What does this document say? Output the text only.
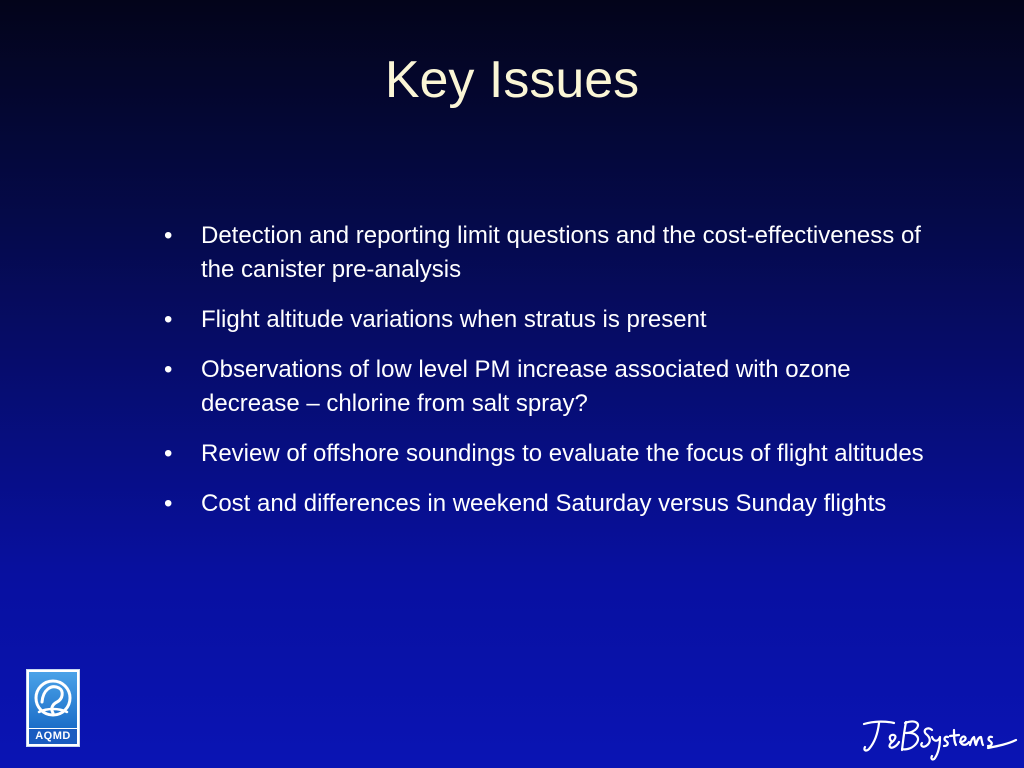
Key Issues
•	Detection and reporting limit questions and the cost-effectiveness of the canister pre-analysis
•	Flight altitude variations when stratus is present
•	Observations of low level PM increase associated with ozone decrease – chlorine from salt spray?
•	Review of offshore soundings to evaluate the focus of flight altitudes
•	Cost and differences in weekend Saturday versus Sunday flights
AQMD
